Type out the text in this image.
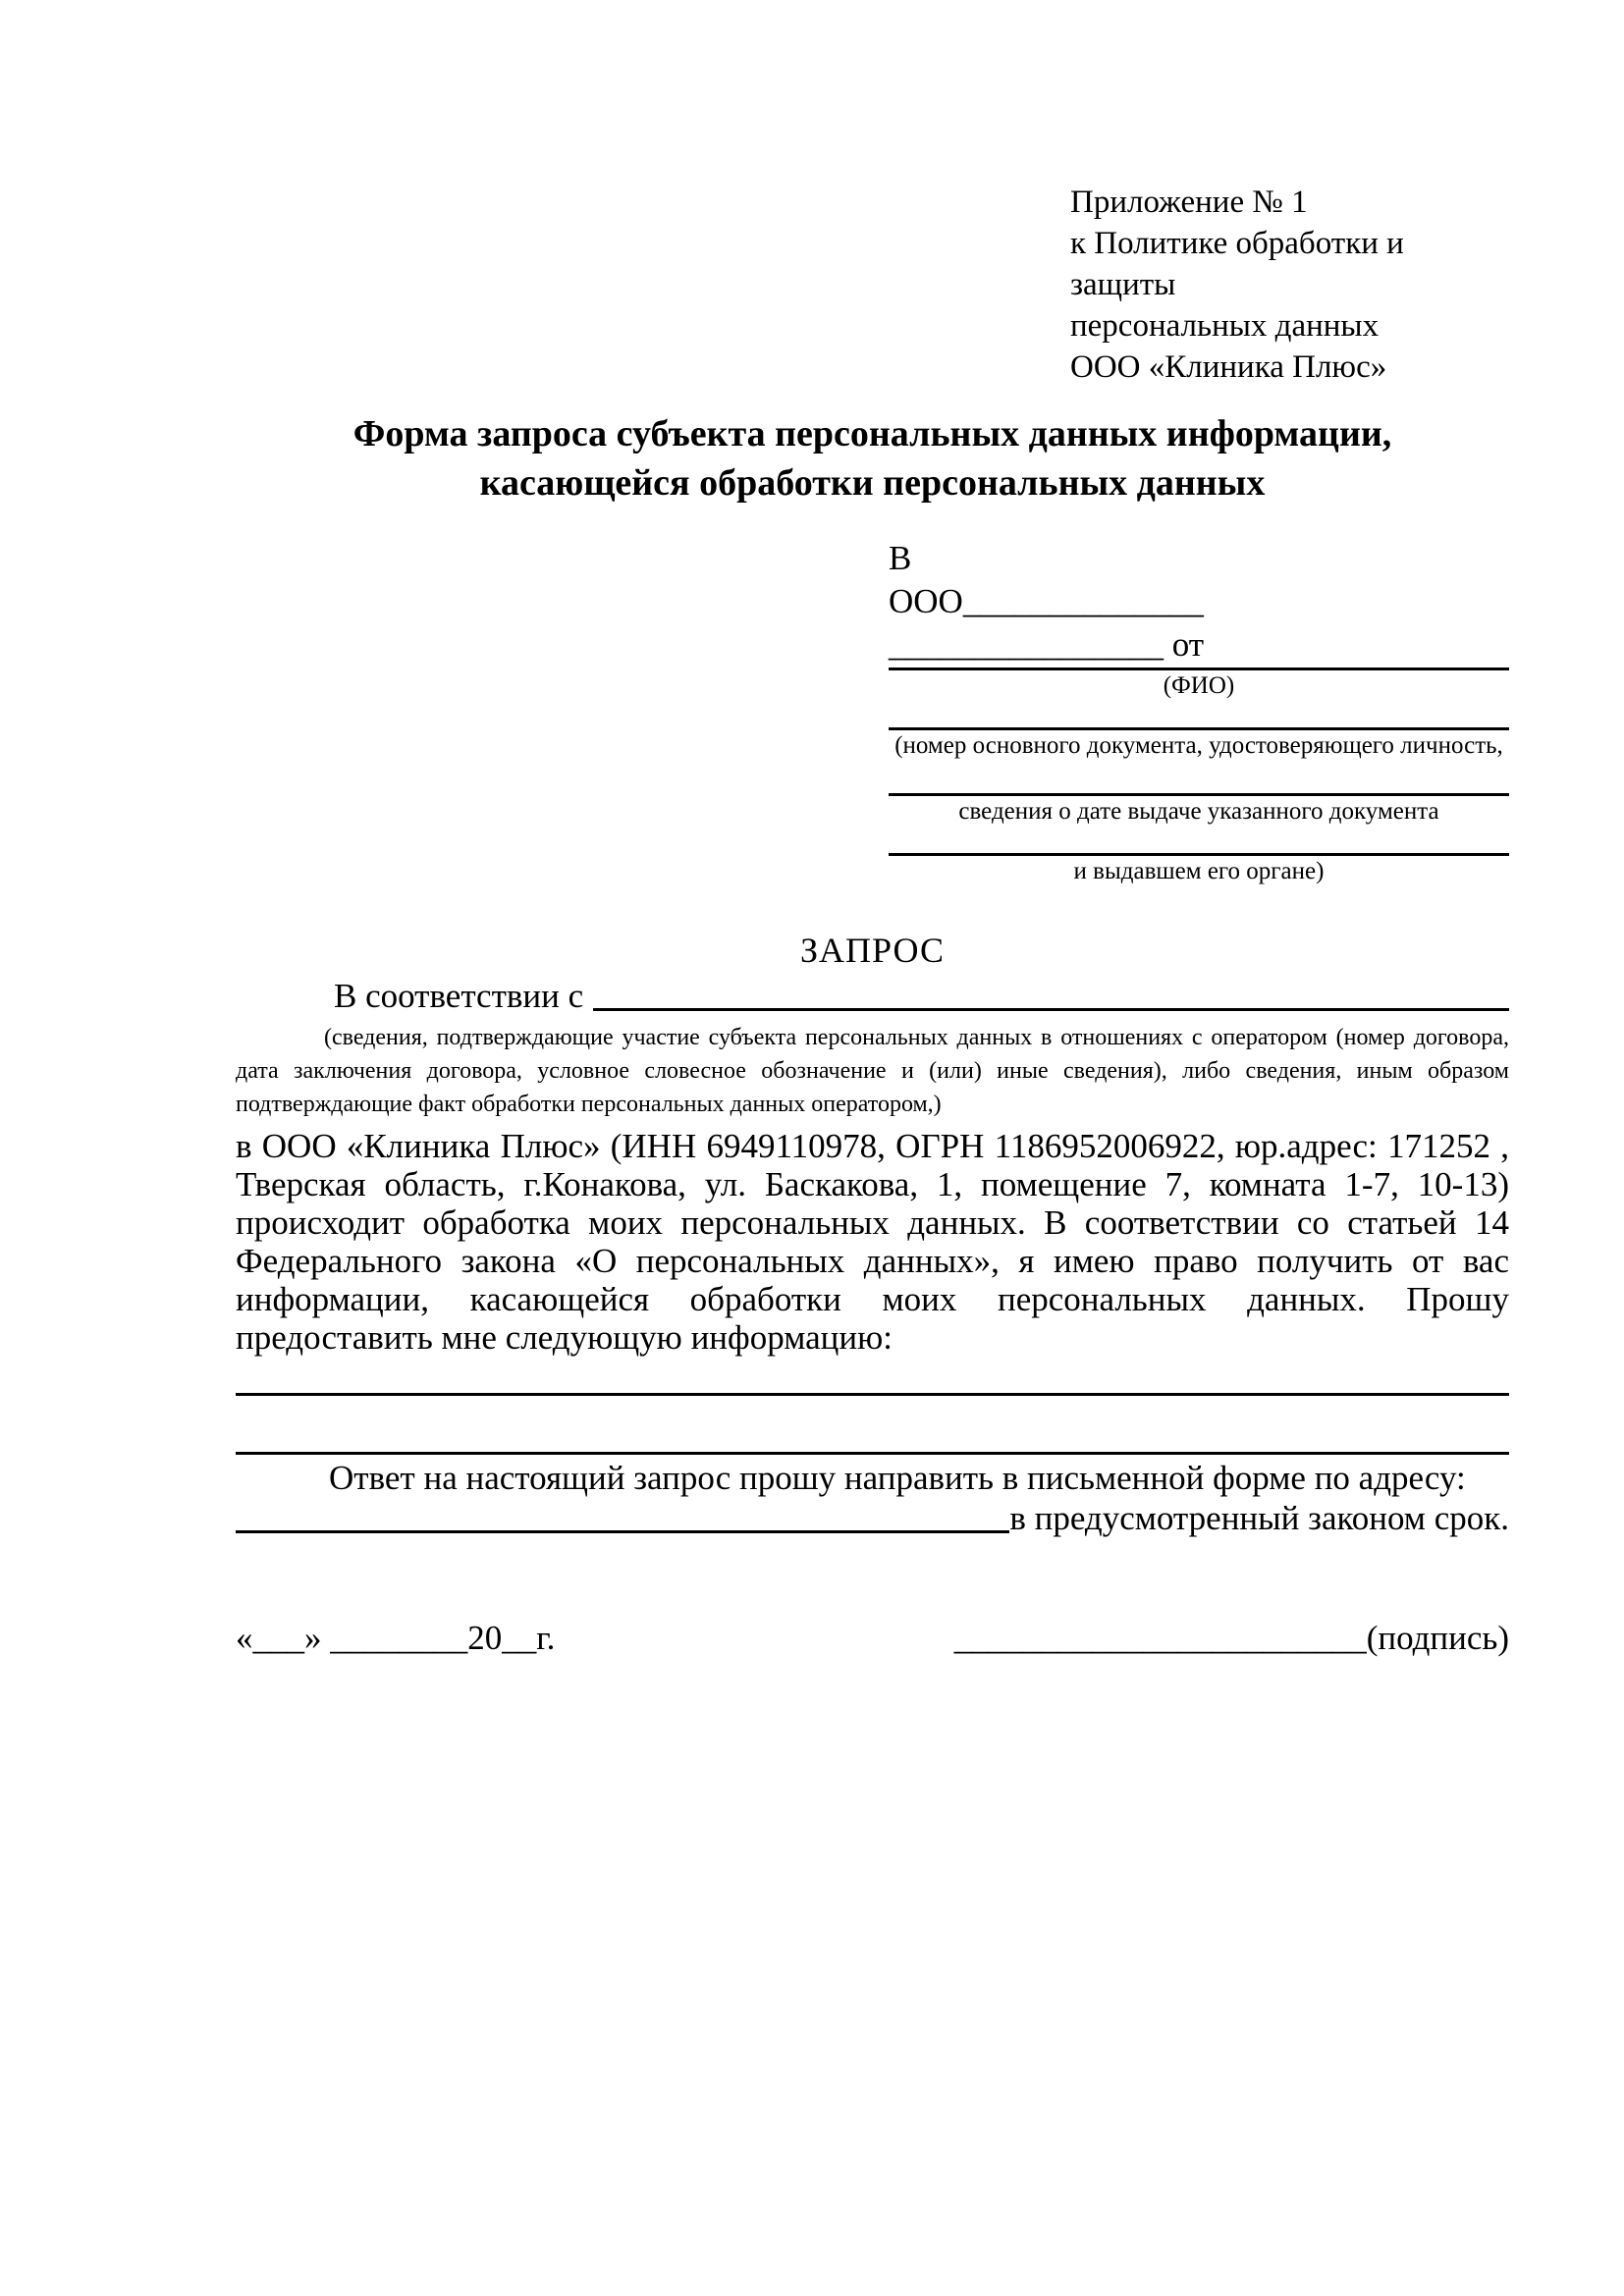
Приложение № 1
к Политике обработки и защиты
персональных данных
ООО «Клиника Плюс»
Форма запроса субъекта персональных данных информации,
касающейся обработки персональных данных
В
ООО______________
________________ от
(ФИО)
(номер основного документа, удостоверяющего личность,
сведения о дате выдаче указанного документа
и выдавшем его органе)
ЗАПРОС
В соответствии с

(сведения, подтверждающие участие субъекта персональных данных в отношениях с оператором (номер договора, дата заключения договора, условное словесное обозначение и (или) иные сведения), либо сведения, иным образом подтверждающие факт обработки персональных данных оператором,)

в ООО «Клиника Плюс» (ИНН 6949110978, ОГРН 1186952006922, юр.адрес: 171252 , Тверская область, г.Конакова, ул. Баскакова, 1, помещение 7, комната 1-7, 10-13) происходит обработка моих персональных данных. В соответствии со статьей 14 Федерального закона «О персональных данных», я имею право получить от вас информации, касающейся обработки моих персональных данных. Прошу предоставить мне следующую информацию:

Ответ на настоящий запрос прошу направить в письменной форме по адресу:

в предусмотренный законом срок.
«___» ________20__г.	________________________(подпись)
